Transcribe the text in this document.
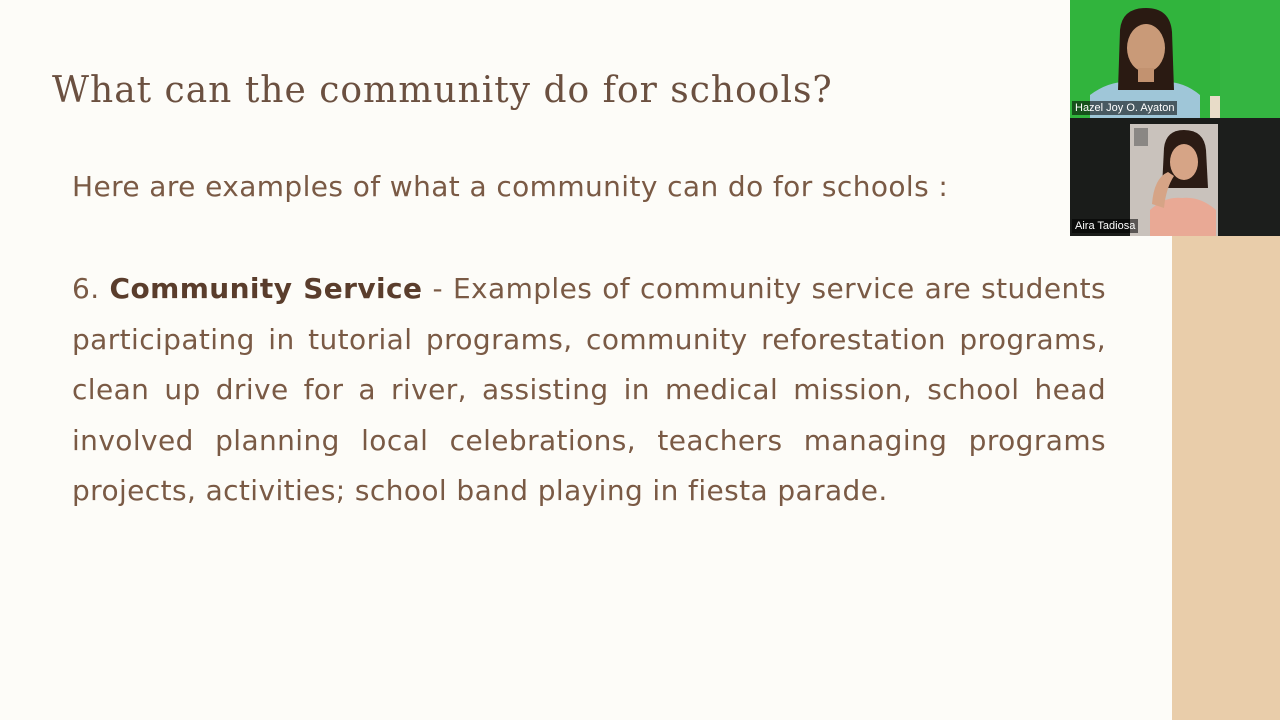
What can the community do for schools?
Here are examples of what a community can do for schools :
6. Community Service - Examples of community service are students participating in tutorial programs, community reforestation programs, clean up drive for a river, assisting in medical mission, school head involved planning local celebrations, teachers managing programs projects, activities; school band playing in fiesta parade.
Hazel Joy O. Ayaton
Aira Tadiosa
